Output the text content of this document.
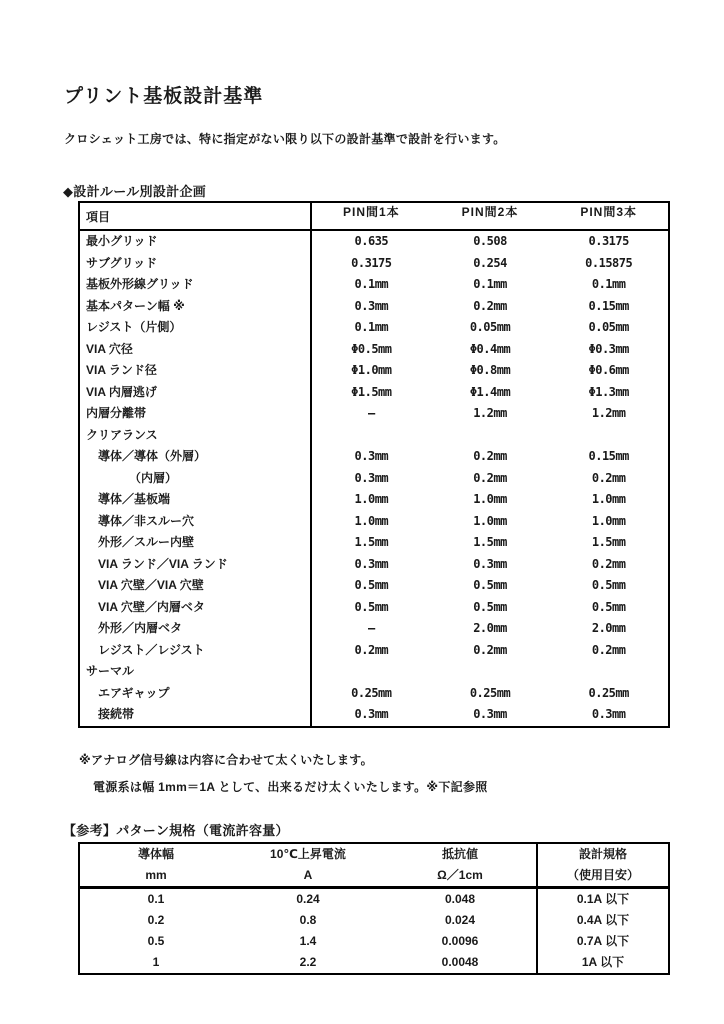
プリント基板設計基準
クロシェット工房では、特に指定がない限り以下の設計基準で設計を行います。
◆設計ルール別設計企画
項目	PIN間1本	PIN間2本	PIN間3本
最小グリッド	0.635	0.508	0.3175
サブグリッド	0.3175	0.254	0.15875
基板外形線グリッド	0.1mm	0.1mm	0.1mm
基本パターン幅 ※	0.3mm	0.2mm	0.15mm
レジスト（片側）	0.1mm	0.05mm	0.05mm
VIA 穴径	Φ0.5mm	Φ0.4mm	Φ0.3mm
VIA ランド径	Φ1.0mm	Φ0.8mm	Φ0.6mm
VIA 内層逃げ	Φ1.5mm	Φ1.4mm	Φ1.3mm
内層分離帯	―	1.2mm	1.2mm
クリアランス
導体／導体（外層）	0.3mm	0.2mm	0.15mm
（内層）	0.3mm	0.2mm	0.2mm
導体／基板端	1.0mm	1.0mm	1.0mm
導体／非スルー穴	1.0mm	1.0mm	1.0mm
外形／スルー内壁	1.5mm	1.5mm	1.5mm
VIA ランド／VIA ランド	0.3mm	0.3mm	0.2mm
VIA 穴壁／VIA 穴壁	0.5mm	0.5mm	0.5mm
VIA 穴壁／内層ベタ	0.5mm	0.5mm	0.5mm
外形／内層ベタ	―	2.0mm	2.0mm
レジスト／レジスト	0.2mm	0.2mm	0.2mm
サーマル
エアギャップ	0.25mm	0.25mm	0.25mm
接続帯	0.3mm	0.3mm	0.3mm
※アナログ信号線は内容に合わせて太くいたします。
電源系は幅 1mm＝1A として、出来るだけ太くいたします。※下記参照
【参考】パターン規格（電流許容量）
導体幅	10℃上昇電流	抵抗値	設計規格
mm	A	Ω／1cm	（使用目安）
0.1	0.24	0.048	0.1A 以下
0.2	0.8	0.024	0.4A 以下
0.5	1.4	0.0096	0.7A 以下
1	2.2	0.0048	1A 以下
